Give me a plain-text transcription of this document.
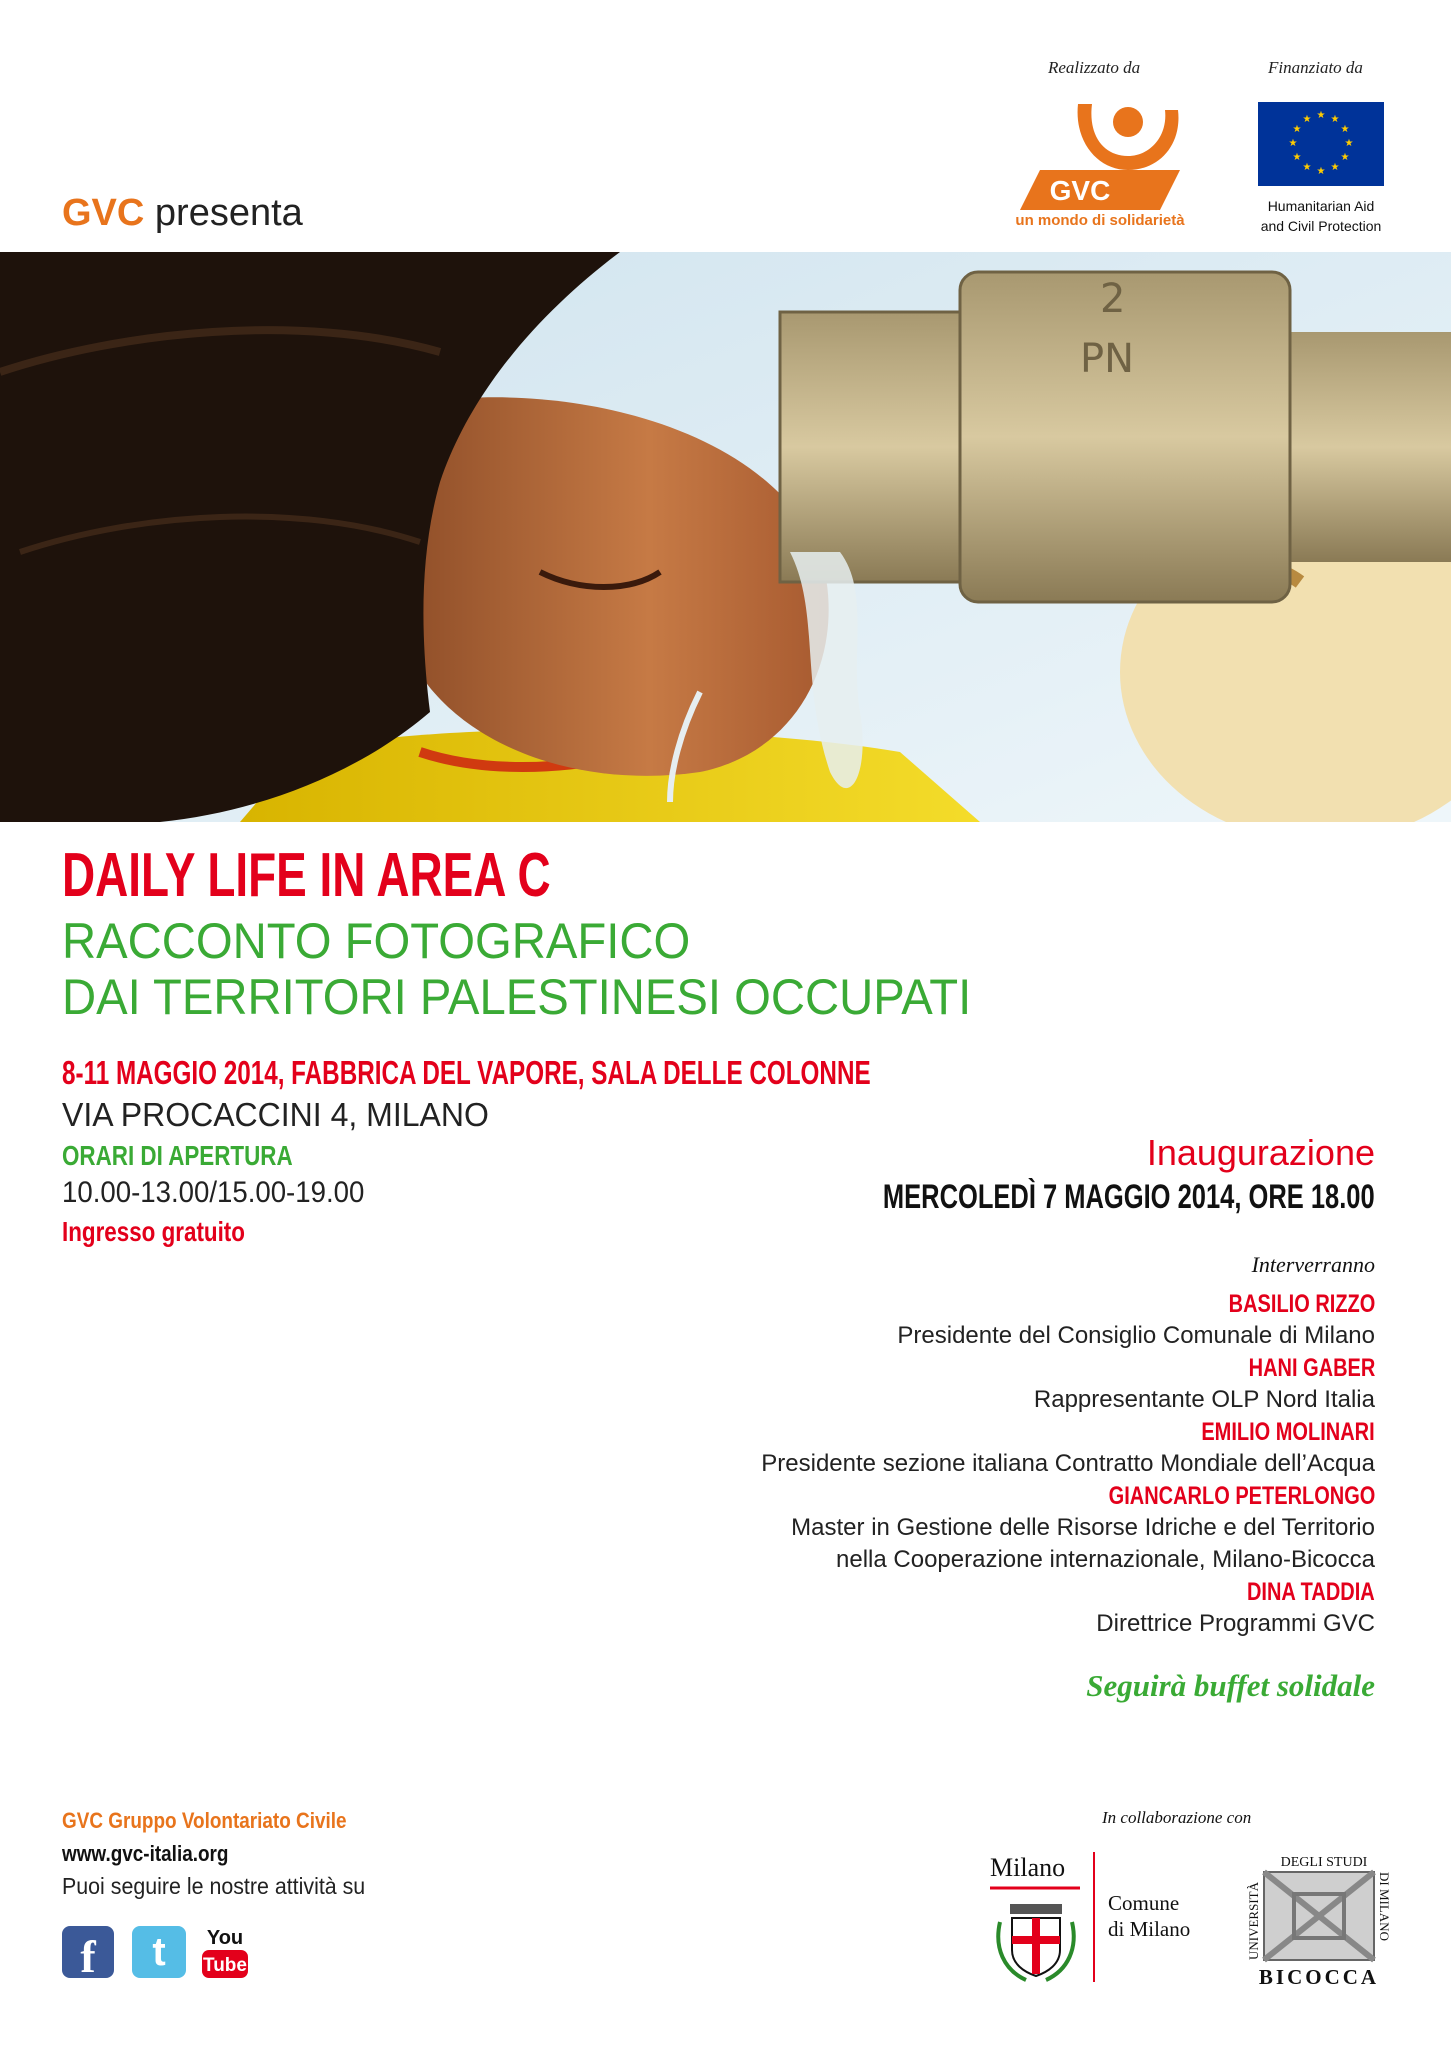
GVC presenta
Realizzato da	Finanziato da
GVC
un mondo di solidarietà
★ ★
★
★
★
★
★
★
★
★
★
★
Humanitarian Aid
and Civil Protection
2
PN
DAILY LIFE IN AREA C
RACCONTO FOTOGRAFICO
DAI TERRITORI PALESTINESI OCCUPATI
8-11 MAGGIO 2014, FABBRICA DEL VAPORE, SALA DELLE COLONNE
VIA PROCACCINI 4, MILANO
ORARI DI APERTURA
10.00-13.00/15.00-19.00
Ingresso gratuito
Inaugurazione
MERCOLEDÌ 7 MAGGIO 2014, ORE 18.00
Interverranno
BASILIO RIZZO
Presidente del Consiglio Comunale di Milano
HANI GABER
Rappresentante OLP Nord Italia
EMILIO MOLINARI
Presidente sezione italiana Contratto Mondiale dell’Acqua
GIANCARLO PETERLONGO
Master in Gestione delle Risorse Idriche e del Territorio
nella Cooperazione internazionale, Milano-Bicocca
DINA TADDIA
Direttrice Programmi GVC
Seguirà buffet solidale
GVC Gruppo Volontariato Civile
www.gvc-italia.org
Puoi seguire le nostre attività su
f	t	You
Tube
In collaborazione con
Milano
Comune
di Milano
DEGLI STUDI
UNIVERSITÀ	DI MILANO
BICOCCA
